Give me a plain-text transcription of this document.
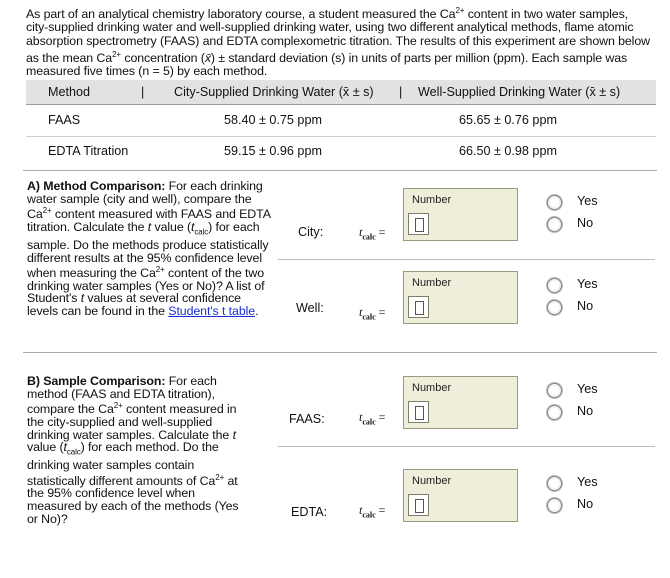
As part of an analytical chemistry laboratory course, a student measured the $Ca^{2+}$ content in two water samples, city-supplied drinking water and well-supplied drinking water, using two different analytical methods, flame atomic absorption spectrometry (FAAS) and EDTA complexometric titration. The results of this experiment are shown below as the mean $Ca^{2+}$ concentration (x̄) ± standard deviation (s) in units of parts per million (ppm). Each sample was measured five times (n = 5) by each method.
Method	| City-Supplied Drinking Water (x̄ ± s) | Well-Supplied Drinking Water (x̄ ± s)
FAAS	58.40 ± 0.75 ppm	65.65 ± 0.76 ppm
EDTA Titration	59.15 ± 0.96 ppm	66.50 ± 0.98 ppm
A) Method Comparison: For each drinking water sample (city and well), compare the $Ca^{2+}$ content measured with FAAS and EDTA titration. Calculate the t value $(t_{calc})$ for each sample. Do the methods produce statistically different results at the 95% confidence level when measuring the $Ca^{2+}$ content of the two drinking water samples (Yes or No)? A list of Student's t values at several confidence levels can be found in the Student's t table.
City:	$t_{calc}$ =
Number	Yes
No
Well:	$t_{calc}$ =
Number	Yes
No
B) Sample Comparison: For each method (FAAS and EDTA titration), compare the $Ca^{2+}$ content measured in the city-supplied and well-supplied drinking water samples. Calculate the t value $(t_{calc})$ for each method. Do the drinking water samples contain statistically different amounts of $Ca^{2+}$ at the 95% confidence level when measured by each of the methods (Yes or No)?
FAAS:	$t_{calc}$ =
Number	Yes
No
EDTA:	$t_{calc}$ =
Number	Yes
No
